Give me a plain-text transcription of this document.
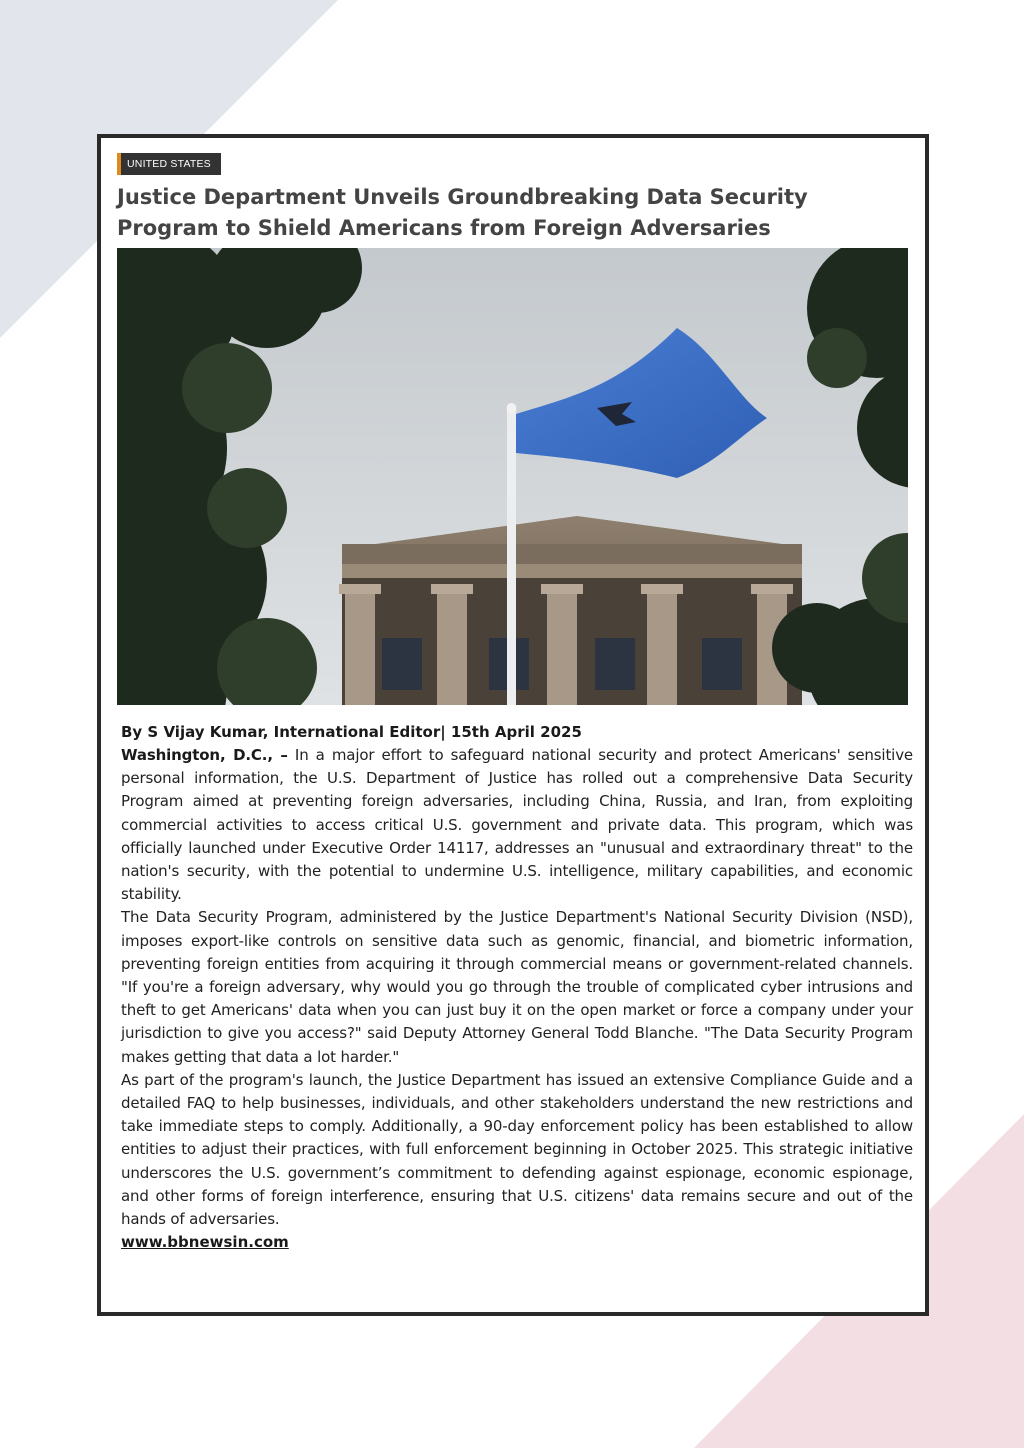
UNITED STATES
Justice Department Unveils Groundbreaking Data Security Program to Shield Americans from Foreign Adversaries

By S Vijay Kumar, International Editor| 15th April 2025

Washington, D.C., – In a major effort to safeguard national security and protect Americans' sensitive personal information, the U.S. Department of Justice has rolled out a comprehensive Data Security Program aimed at preventing foreign adversaries, including China, Russia, and Iran, from exploiting commercial activities to access critical U.S. government and private data. This program, which was officially launched under Executive Order 14117, addresses an "unusual and extraordinary threat" to the nation's security, with the potential to undermine U.S. intelligence, military capabilities, and economic stability.

The Data Security Program, administered by the Justice Department's National Security Division (NSD), imposes export-like controls on sensitive data such as genomic, financial, and biometric information, preventing foreign entities from acquiring it through commercial means or government-related channels. "If you're a foreign adversary, why would you go through the trouble of complicated cyber intrusions and theft to get Americans' data when you can just buy it on the open market or force a company under your jurisdiction to give you access?" said Deputy Attorney General Todd Blanche. "The Data Security Program makes getting that data a lot harder."

As part of the program's launch, the Justice Department has issued an extensive Compliance Guide and a detailed FAQ to help businesses, individuals, and other stakeholders understand the new restrictions and take immediate steps to comply. Additionally, a 90-day enforcement policy has been established to allow entities to adjust their practices, with full enforcement beginning in October 2025. This strategic initiative underscores the U.S. government’s commitment to defending against espionage, economic espionage, and other forms of foreign interference, ensuring that U.S. citizens' data remains secure and out of the hands of adversaries.

www.bbnewsin.com
